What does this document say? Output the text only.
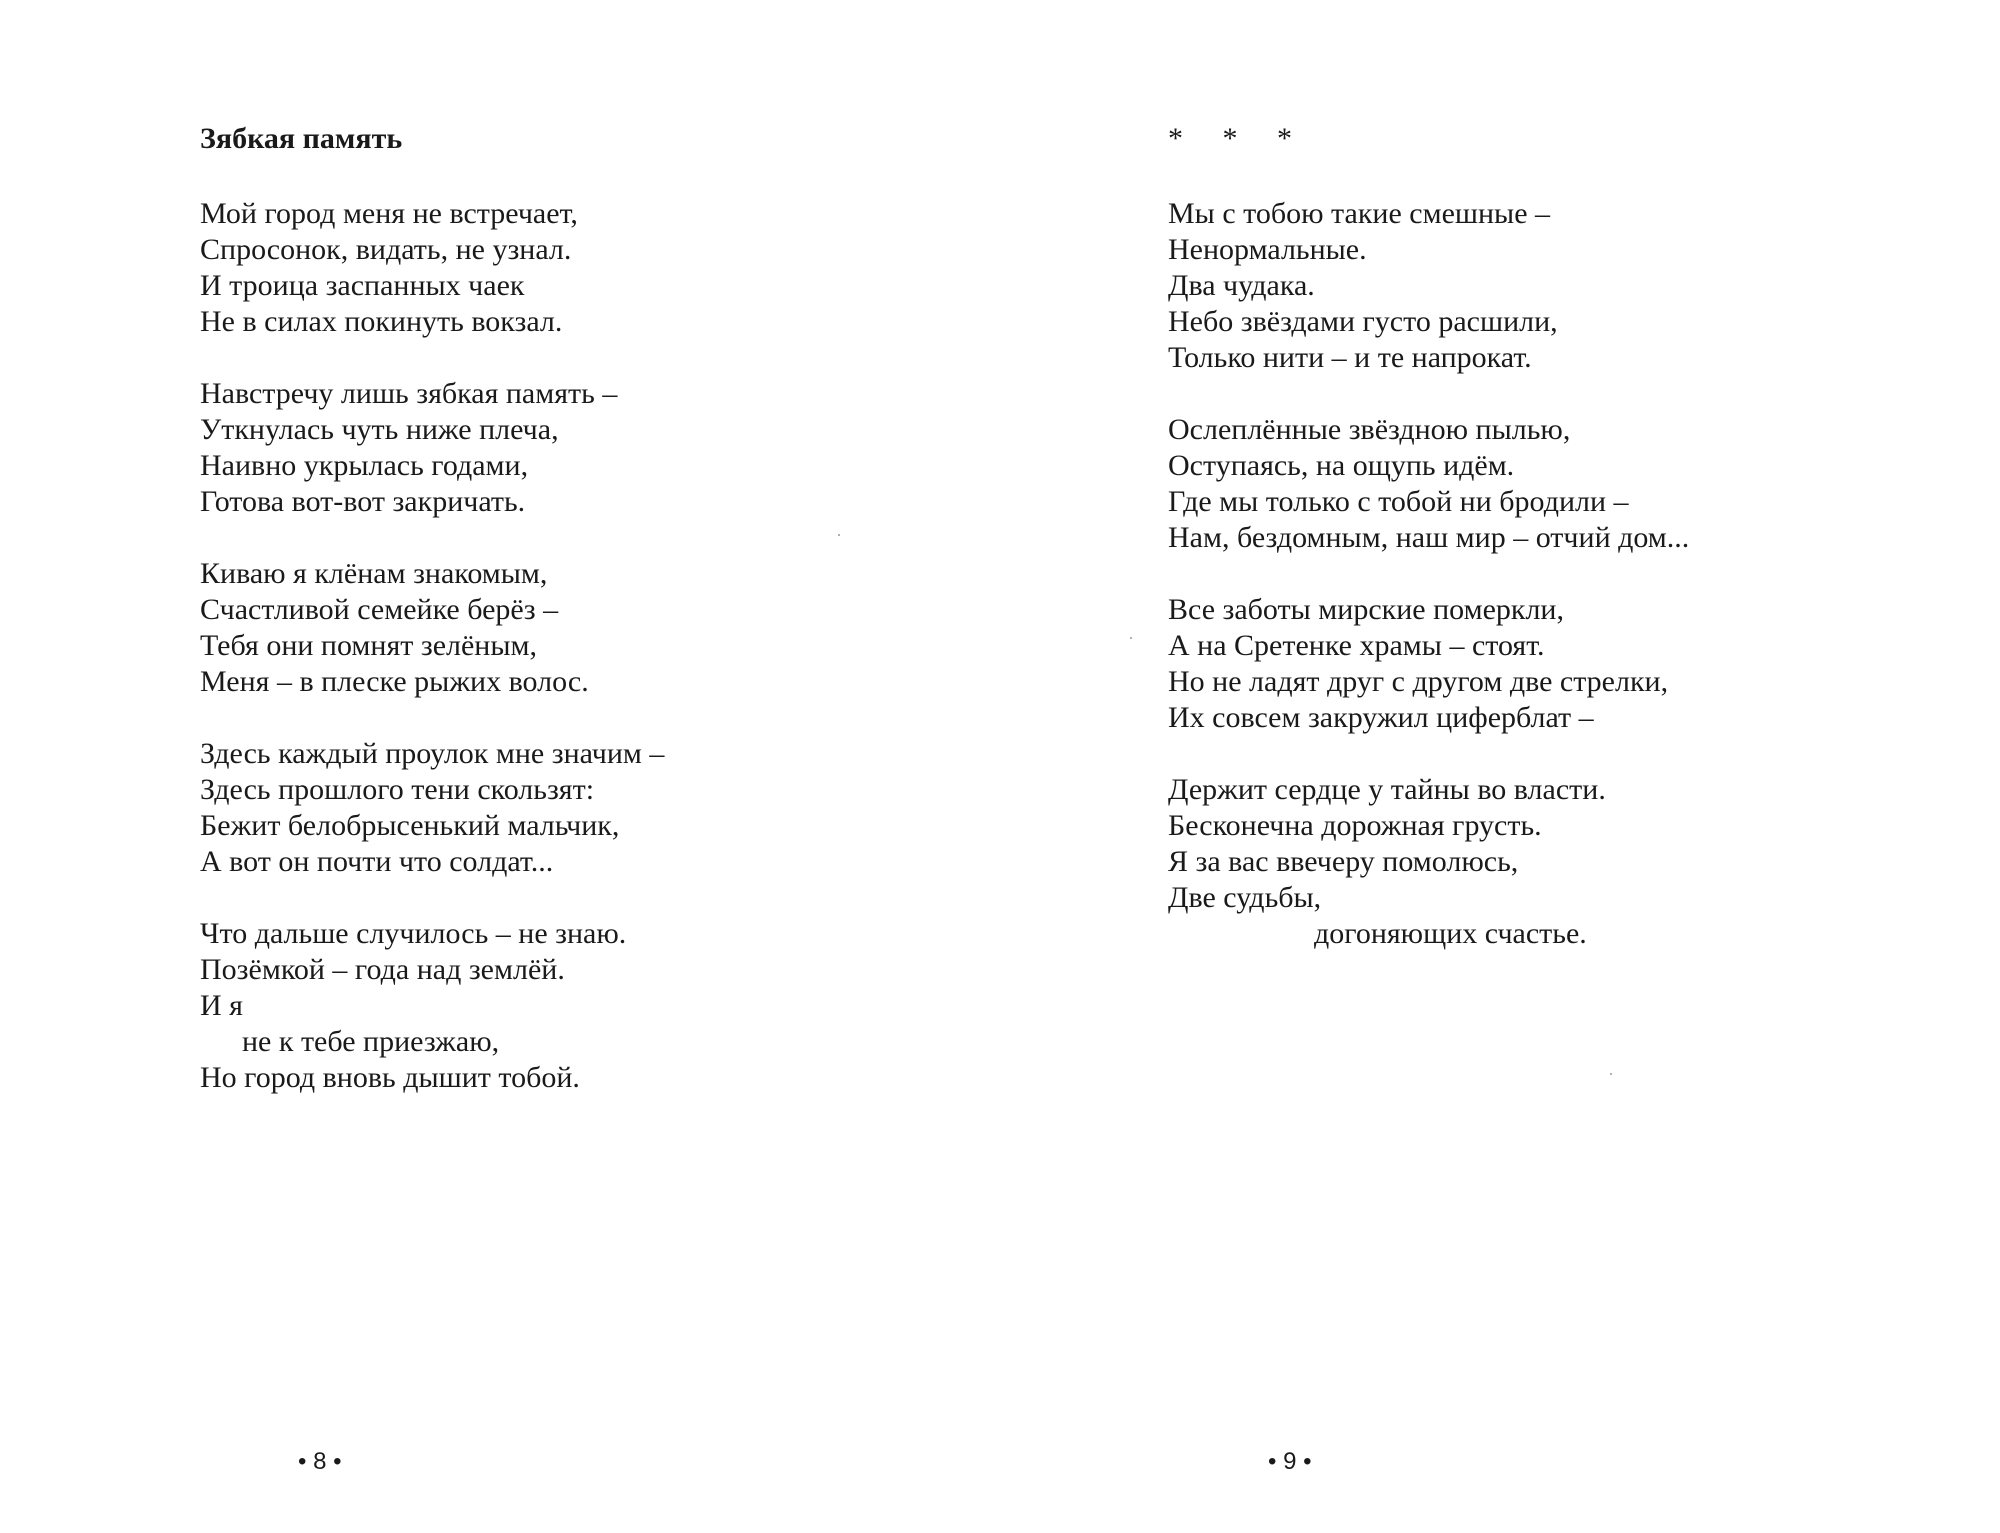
Зябкая память
Мой город меня не встречает,
Спросонок, видать, не узнал.
И троица заспанных чаек
Не в силах покинуть вокзал.
Навстречу лишь зябкая память –
Уткнулась чуть ниже плеча,
Наивно укрылась годами,
Готова вот-вот закричать.
Киваю я клёнам знакомым,
Счастливой семейке берёз –
Тебя они помнят зелёным,
Меня – в плеске рыжих волос.
Здесь каждый проулок мне значим –
Здесь прошлого тени скользят:
Бежит белобрысенький мальчик,
А вот он почти что солдат...
Что дальше случилось – не знаю.
Позёмкой – года над землёй.
И я
не к тебе приезжаю,
Но город вновь дышит тобой.
• 8 •
* * *
Мы с тобою такие смешные –
Ненормальные.
Два чудака.
Небо звёздами густо расшили,
Только нити – и те напрокат.
Ослеплённые звёздною пылью,
Оступаясь, на ощупь идём.
Где мы только с тобой ни бродили –
Нам, бездомным, наш мир – отчий дом...
Все заботы мирские померкли,
А на Сретенке храмы – стоят.
Но не ладят друг с другом две стрелки,
Их совсем закружил циферблат –
Держит сердце у тайны во власти.
Бесконечна дорожная грусть.
Я за вас ввечеру помолюсь,
Две судьбы,
догоняющих счастье.
• 9 •
